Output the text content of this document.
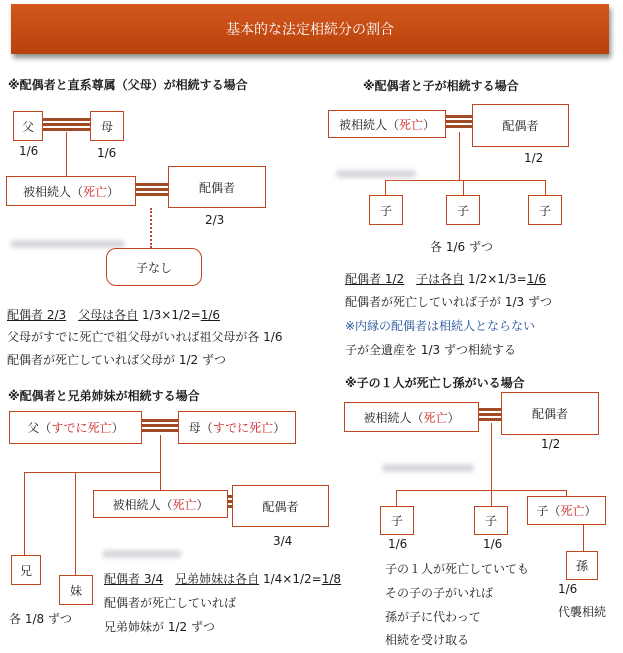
基本的な法定相続分の割合
※配偶者と直系尊属（父母）が相続する場合
父	母
1/6	1/6
被相続人（ 死亡 ）	配偶者
2/3
子なし
配偶者 2/3　 父母は各自 1/3×1/2=1/6
父母がすでに死亡で祖父母がいれば祖父母が各 1/6
配偶者が死亡していれば父母が 1/2 ずつ
※配偶者と子が相続する場合
被相続人（ 死亡 ）	配偶者
1/2
子	子	子
各 1/6 ずつ
配偶者 1/2　 子は各自 1/2×1/3=1/6
配偶者が死亡していれば子が 1/3 ずつ
※内縁の配偶者は相続人とならない
子が全遺産を 1/3 ずつ相続する
※配偶者と兄弟姉妹が相続する場合
父（ すでに死亡 ）	母（ すでに死亡 ）
被相続人（ 死亡 ）	配偶者
3/4
兄
妹
各 1/8 ずつ
配偶者 3/4　 兄弟姉妹は各自 1/4×1/2=1/8
配偶者が死亡していれば
兄弟姉妹が 1/2 ずつ
※子の１人が死亡し孫がいる場合
被相続人（ 死亡 ）	配偶者
1/2
子	子
子（ 死亡 ）
1/6	1/6
孫
1/6
代襲相続
子の１人が死亡していても
その子の子がいれば
孫が子に代わって
相続を受け取る
